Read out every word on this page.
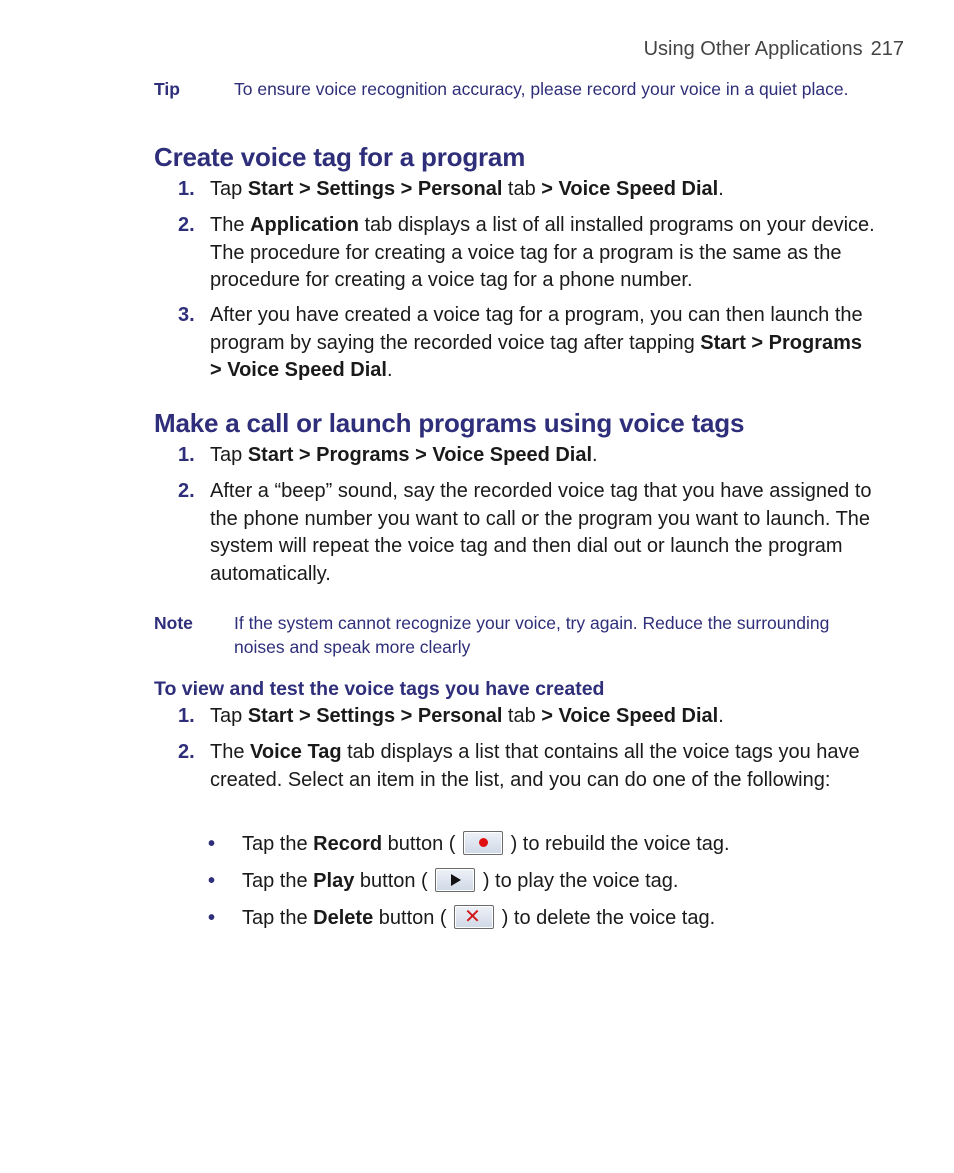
Using Other Applications 217
Tip	To ensure voice recognition accuracy, please record your voice in a quiet place.
Create voice tag for a program
1. Tap Start > Settings > Personal tab > Voice Speed Dial.
2. The Application tab displays a list of all installed programs on your device. The procedure for creating a voice tag for a program is the same as the procedure for creating a voice tag for a phone number.
3. After you have created a voice tag for a program, you can then launch the program by saying the recorded voice tag after tapping Start > Programs > Voice Speed Dial.
Make a call or launch programs using voice tags
1. Tap Start > Programs > Voice Speed Dial.
2. After a “beep” sound, say the recorded voice tag that you have assigned to the phone number you want to call or the program you want to launch. The system will repeat the voice tag and then dial out or launch the program automatically.
Note If the system cannot recognize your voice, try again. Reduce the surrounding noises and speak more clearly
To view and test the voice tags you have created
1. Tap Start > Settings > Personal tab > Voice Speed Dial.
2. The Voice Tag tab displays a list that contains all the voice tags you have created. Select an item in the list, and you can do one of the following:
• Tap the Record button (
) to rebuild the voice tag.
• Tap the Play button (
) to play the voice tag.
• Tap the Delete button ( ✕ ) to delete the voice tag.
